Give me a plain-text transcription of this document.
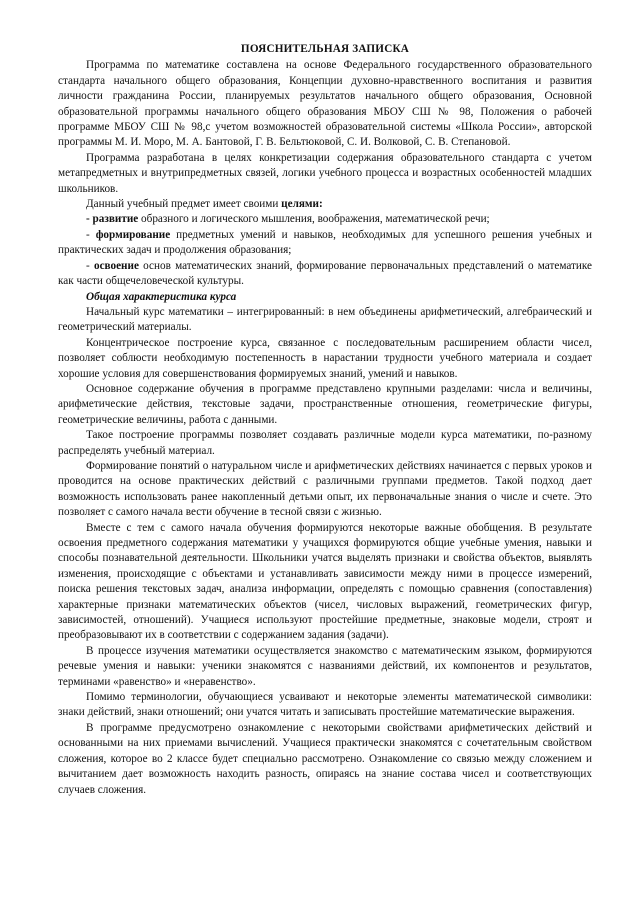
ПОЯСНИТЕЛЬНАЯ ЗАПИСКА

Программа по математике составлена на основе Федерального государственного образовательного стандарта начального общего образования, Концепции духовно-нравственного воспитания и развития личности гражданина России, планируемых результатов начального общего образования, Основной образовательной программы начального общего образования МБОУ СШ № 98, Положения о рабочей программе МБОУ СШ № 98,с учетом возможностей образовательной системы «Школа России», авторской программы М. И. Моро, М. А. Бантовой, Г. В. Бельтюковой, С. И. Волковой, С. В. Степановой.

Программа разработана в целях конкретизации содержания образовательного стандарта с учетом метапредметных и внутрипредметных связей, логики учебного процесса и возрастных особенностей младших школьников.

Данный учебный предмет имеет своими целями:

- развитие образного и логического мышления, воображения, математической речи;

- формирование предметных умений и навыков, необходимых для успешного решения учебных и практических задач и продолжения образования;

- освоение основ математических знаний, формирование первоначальных представлений о математике как части общечеловеческой культуры.

Общая характеристика курса

Начальный курс математики – интегрированный: в нем объединены арифметический, алгебраический и геометрический материалы.

Концентрическое построение курса, связанное с последовательным расширением области чисел, позволяет соблюсти необходимую постепенность в нарастании трудности учебного материала и создает хорошие условия для совершенствования формируемых знаний, умений и навыков.

Основное содержание обучения в программе представлено крупными разделами: числа и величины, арифметические действия, текстовые задачи, пространственные отношения, геометрические фигуры, геометрические величины, работа с данными.

Такое построение программы позволяет создавать различные модели курса математики, по-разному распределять учебный материал.

Формирование понятий о натуральном числе и арифметических действиях начинается с первых уроков и проводится на основе практических действий с различными группами предметов. Такой подход дает возможность использовать ранее накопленный детьми опыт, их первоначальные знания о числе и счете. Это позволяет с самого начала вести обучение в тесной связи с жизнью.

Вместе с тем с самого начала обучения формируются некоторые важные обобщения. В результате освоения предметного содержания математики у учащихся формируются общие учебные умения, навыки и способы познавательной деятельности. Школьники учатся выделять признаки и свойства объектов, выявлять изменения, происходящие с объектами и устанавливать зависимости между ними в процессе измерений, поиска решения текстовых задач, анализа информации, определять с помощью сравнения (сопоставления) характерные признаки математических объектов (чисел, числовых выражений, геометрических фигур, зависимостей, отношений). Учащиеся используют простейшие предметные, знаковые модели, строят и преобразовывают их в соответствии с содержанием задания (задачи).

В процессе изучения математики осуществляется знакомство с математическим языком, формируются речевые умения и навыки: ученики знакомятся с названиями действий, их компонентов и результатов, терминами «равенство» и «неравенство».

Помимо терминологии, обучающиеся усваивают и некоторые элементы математической символики: знаки действий, знаки отношений; они учатся читать и записывать простейшие математические выражения.

В программе предусмотрено ознакомление с некоторыми свойствами арифметических действий и основанными на них приемами вычислений. Учащиеся практически знакомятся с сочетательным свойством сложения, которое во 2 классе будет специально рассмотрено. Ознакомление со связью между сложением и вычитанием дает возможность находить разность, опираясь на знание состава чисел и соответствующих случаев сложения.
